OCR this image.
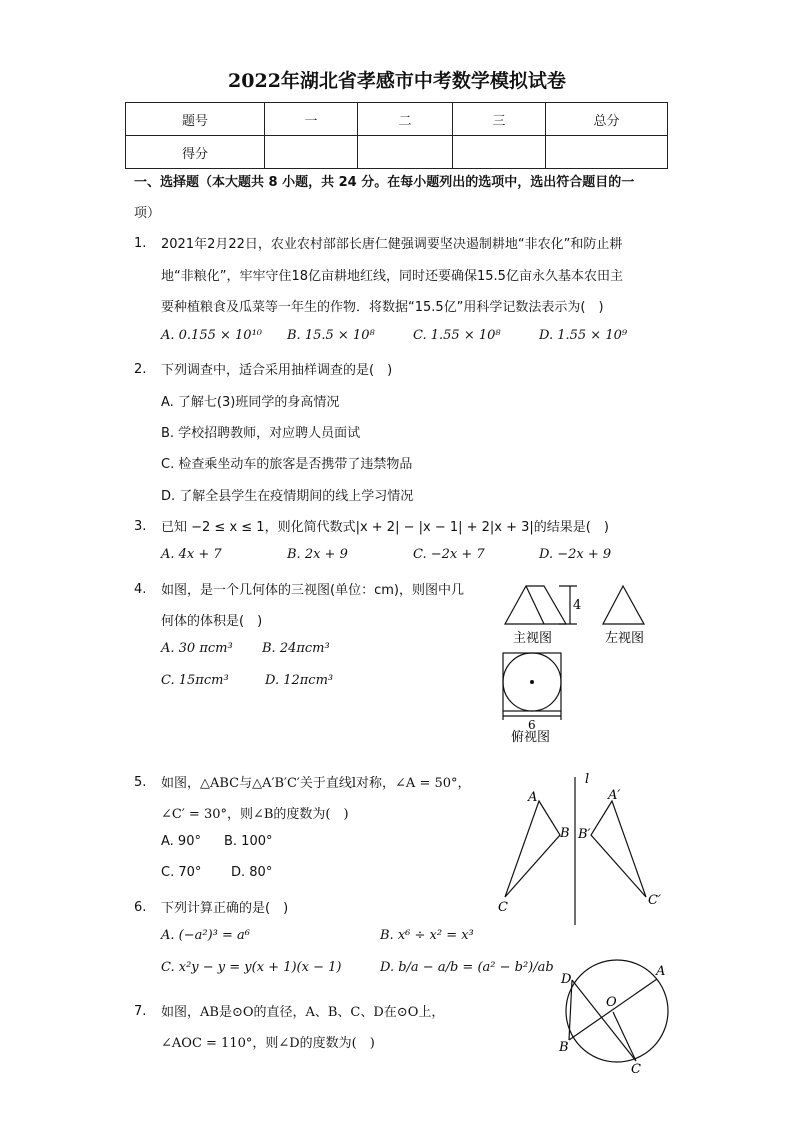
2022年湖北省孝感市中考数学模拟试卷
题号	一	二	三	总分
得分				
一、选择题（本大题共 8 小题，共 24 分。在每小题列出的选项中，选出符合题目的一
项）
1. 2021年2月22日，农业农村部部长唐仁健强调要坚决遏制耕地“非农化”和防止耕
地“非粮化”，牢牢守住18亿亩耕地红线，同时还要确保15.5亿亩永久基本农田主
要种植粮食及瓜菜等一年生的作物．将数据“15.5亿”用科学记数法表示为(　)
A. 0.155 × 10¹⁰ B. 15.5 × 10⁸	C. 1.55 × 10⁸	D. 1.55 × 10⁹
2. 下列调查中，适合采用抽样调查的是(　)
A. 了解七(3)班同学的身高情况
B. 学校招聘教师，对应聘人员面试
C. 检查乘坐动车的旅客是否携带了违禁物品
D. 了解全县学生在疫情期间的线上学习情况
3. 已知 −2 ≤ x ≤ 1，则化简代数式|x + 2| − |x − 1| + 2|x + 3|的结果是(　)
A. 4x + 7	B. 2x + 9	C. −2x + 7	D. −2x + 9
4. 如图，是一个几何体的三视图(单位：cm)，则图中几
何体的体积是(　)
A. 30 πcm³ B. 24πcm³
C. 15πcm³	D. 12πcm³
4
6
主视图	左视图
俯视图
5. 如图，△ABC与△A′B′C′关于直线l对称，∠A = 50°，
∠C′ = 30°，则∠B的度数为(　)
A. 90° B. 100°
C. 70° D. 80°
l
A
B
C
A′
B′
C′
6. 下列计算正确的是(　)
A. (−a²)³ = a⁶	B. x⁶ ÷ x² = x³
C. x²y − y = y(x + 1)(x − 1)	D. b/a − a/b = (a² − b²)/ab
7. 如图，AB是⊙O的直径，A、B、C、D在⊙O上，
∠AOC = 110°，则∠D的度数为(　)
D
A
O
B
C
